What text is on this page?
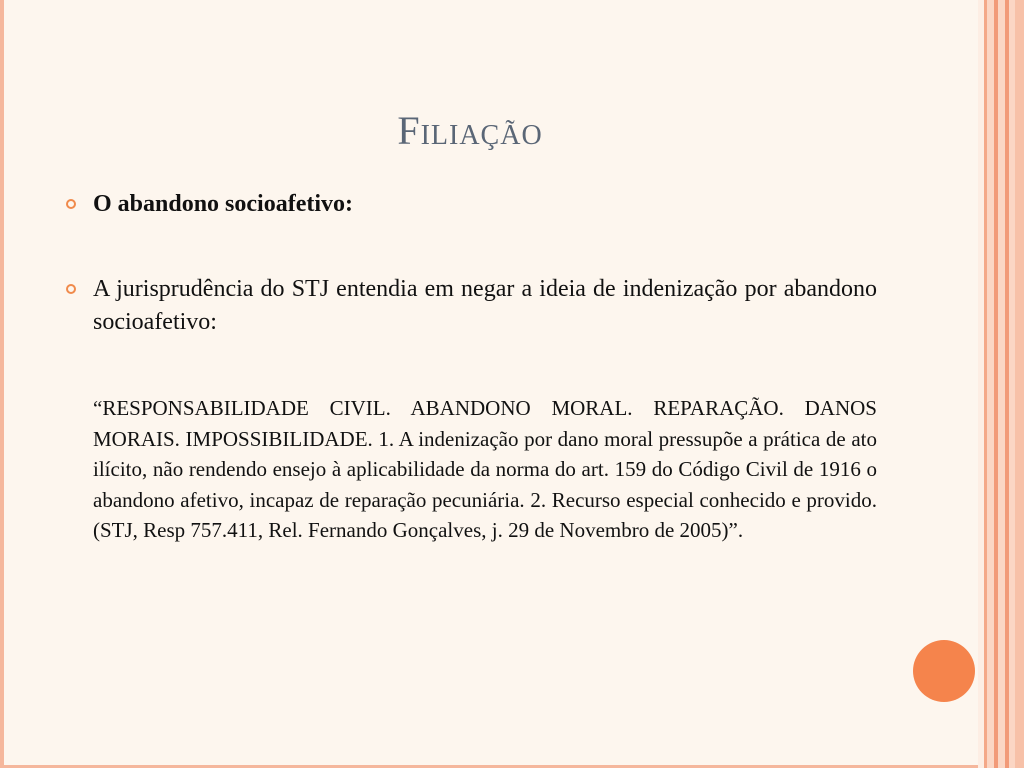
Filiação
O abandono socioafetivo:
A jurisprudência do STJ entendia em negar a ideia de indenização por abandono socioafetivo:
“RESPONSABILIDADE CIVIL. ABANDONO MORAL. REPARAÇÃO. DANOS MORAIS. IMPOSSIBILIDADE. 1. A indenização por dano moral pressupõe a prática de ato ilícito, não rendendo ensejo à aplicabilidade da norma do art. 159 do Código Civil de 1916 o abandono afetivo, incapaz de reparação pecuniária. 2. Recurso especial conhecido e provido. (STJ, Resp 757.411, Rel. Fernando Gonçalves, j. 29 de Novembro de 2005)”.
